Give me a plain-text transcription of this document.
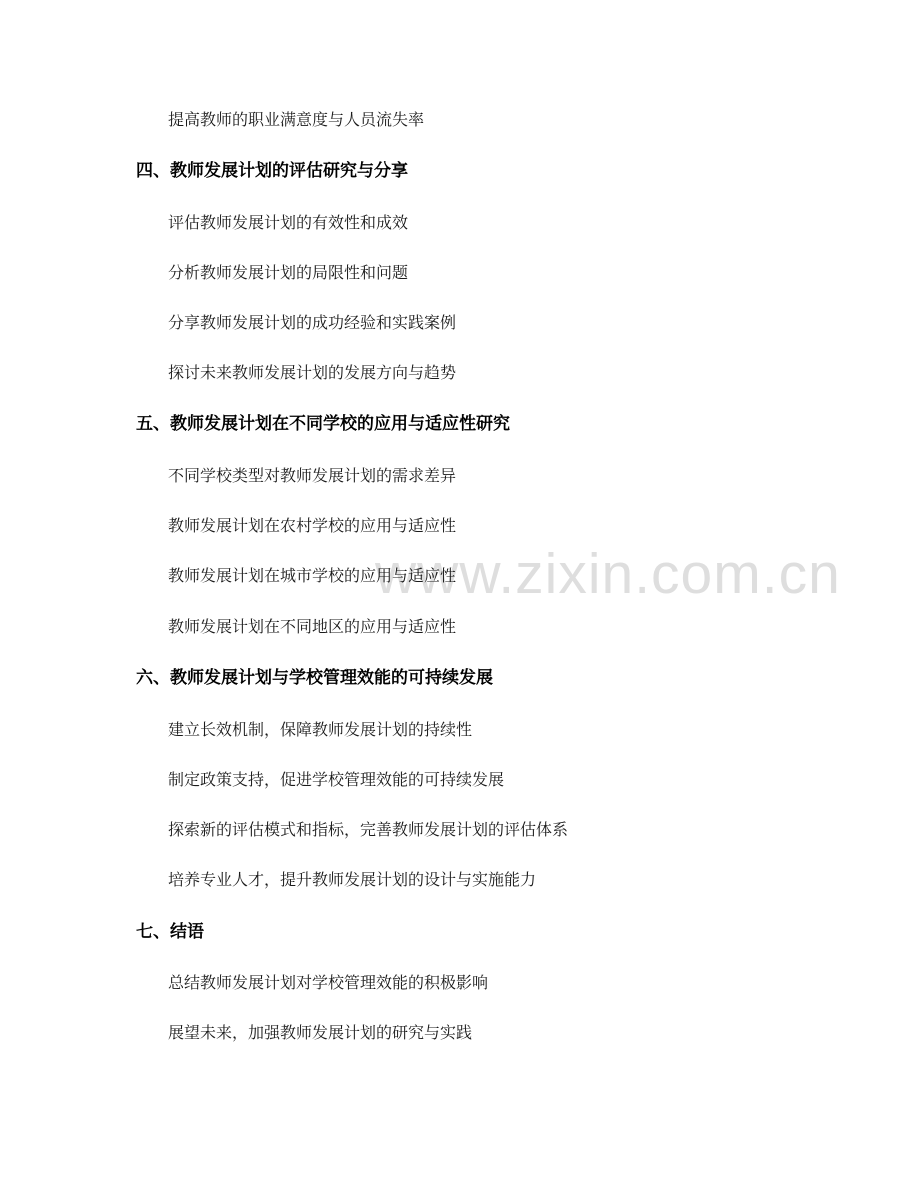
www.zixin.com.cn
提高教师的职业满意度与人员流失率
四、教师发展计划的评估研究与分享
评估教师发展计划的有效性和成效
分析教师发展计划的局限性和问题
分享教师发展计划的成功经验和实践案例
探讨未来教师发展计划的发展方向与趋势
五、教师发展计划在不同学校的应用与适应性研究
不同学校类型对教师发展计划的需求差异
教师发展计划在农村学校的应用与适应性
教师发展计划在城市学校的应用与适应性
教师发展计划在不同地区的应用与适应性
六、教师发展计划与学校管理效能的可持续发展
建立长效机制，保障教师发展计划的持续性
制定政策支持，促进学校管理效能的可持续发展
探索新的评估模式和指标，完善教师发展计划的评估体系
培养专业人才，提升教师发展计划的设计与实施能力
七、结语
总结教师发展计划对学校管理效能的积极影响
展望未来，加强教师发展计划的研究与实践
